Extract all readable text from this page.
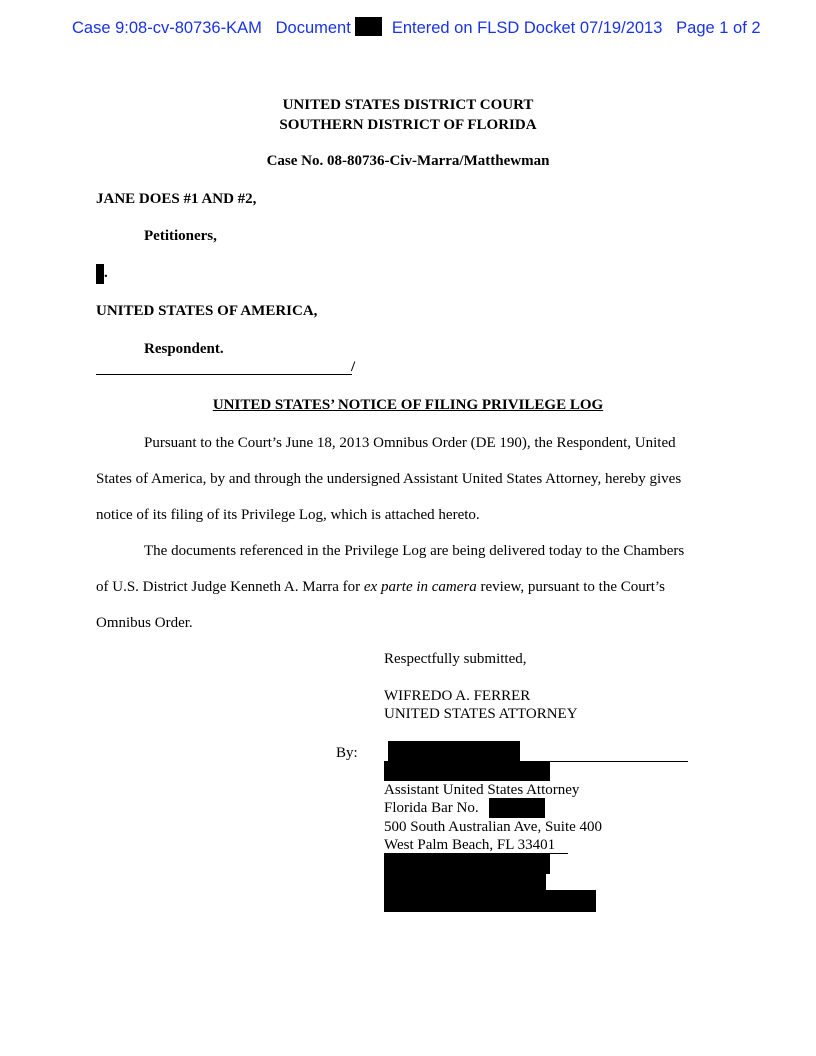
Case 9:08-cv-80736-KAM Document Entered on FLSD Docket 07/19/2013 Page 1 of 2
UNITED STATES DISTRICT COURT
SOUTHERN DISTRICT OF FLORIDA
Case No. 08-80736-Civ-Marra/Matthewman
JANE DOES #1 AND #2,
Petitioners,
.
UNITED STATES OF AMERICA,
Respondent.
/
UNITED STATES’ NOTICE OF FILING PRIVILEGE LOG
Pursuant to the Court’s June 18, 2013 Omnibus Order (DE 190), the Respondent, United
States of America, by and through the undersigned Assistant United States Attorney, hereby gives
notice of its filing of its Privilege Log, which is attached hereto.
The documents referenced in the Privilege Log are being delivered today to the Chambers
of U.S. District Judge Kenneth A. Marra for ex parte in camera review, pursuant to the Court’s
Omnibus Order.
Respectfully submitted,
WIFREDO A. FERRER
UNITED STATES ATTORNEY
By:
Assistant United States Attorney
Florida Bar No.
500 South Australian Ave, Suite 400
West Palm Beach, FL 33401
